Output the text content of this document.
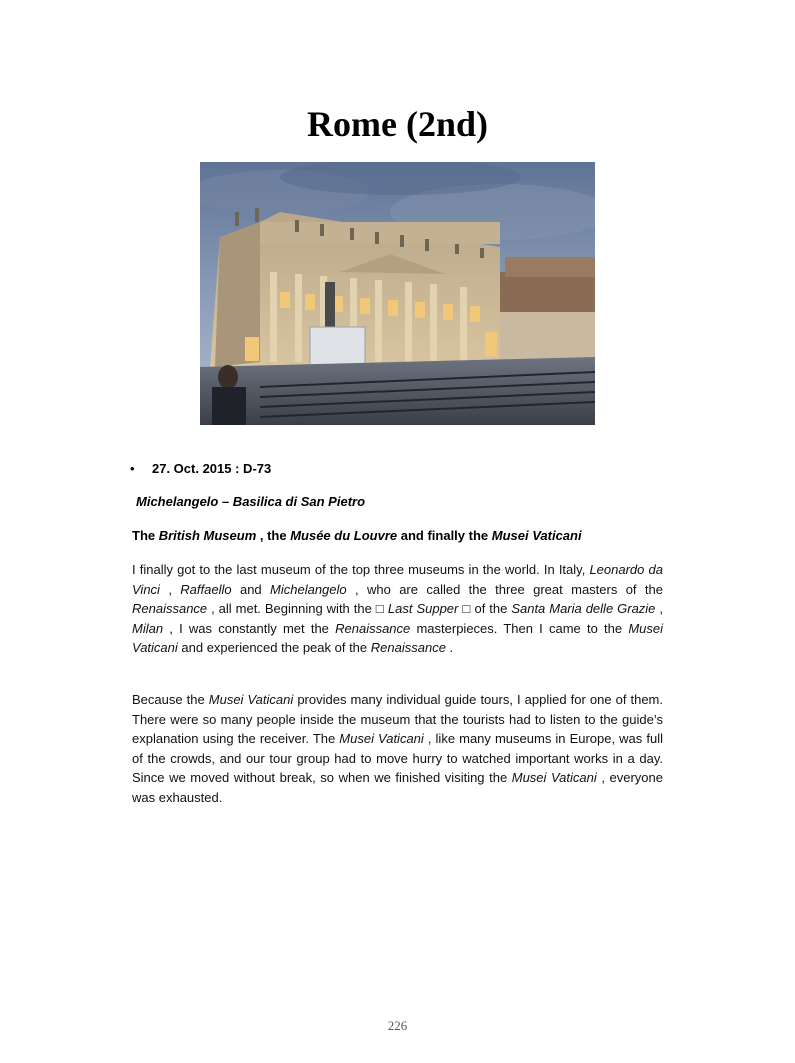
Rome (2nd)
• 27. Oct. 2015 : D-73
Michelangelo – Basilica di San Pietro
The British Museum , the Musée du Louvre and finally the Musei Vaticani

I finally got to the last museum of the top three museums in the world. In Italy, Leonardo da Vinci , Raffaello and Michelangelo , who are called the three great masters of the Renaissance , all met. Beginning with the □ Last Supper □ of the Santa Maria delle Grazie , Milan , I was constantly met the Renaissance masterpieces. Then I came to the Musei Vaticani and experienced the peak of the Renaissance .

Because the Musei Vaticani provides many individual guide tours, I applied for one of them. There were so many people inside the museum that the tourists had to listen to the guide’s explanation using the receiver. The Musei Vaticani , like many museums in Europe, was full of the crowds, and our tour group had to move hurry to watched important works in a day. Since we moved without break, so when we finished visiting the Musei Vaticani , everyone was exhausted.

226
